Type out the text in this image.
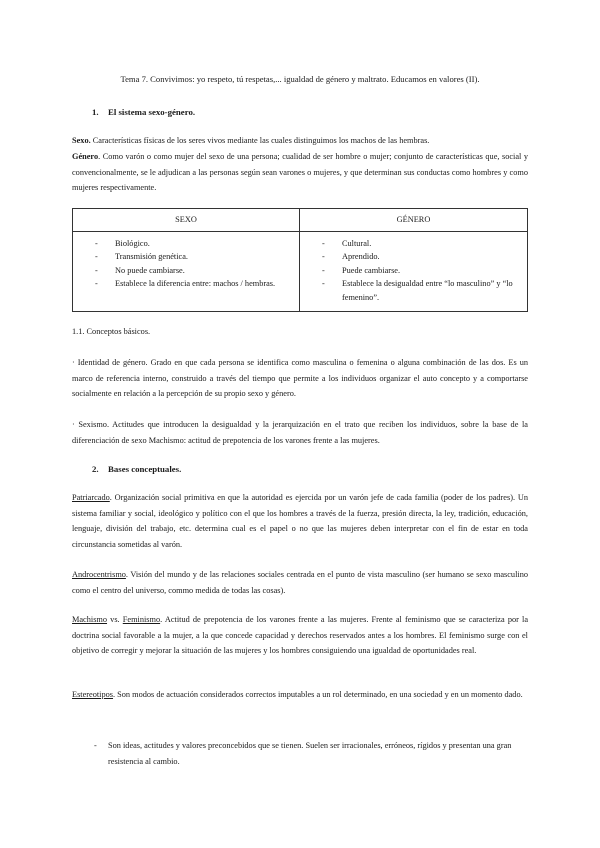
Tema 7. Convivimos: yo respeto, tú respetas,... igualdad de género y maltrato. Educamos en valores (II).
1. El sistema sexo-género.
Sexo. Características físicas de los seres vivos mediante las cuales distinguimos los machos de las hembras.
Género. Como varón o como mujer del sexo de una persona; cualidad de ser hombre o mujer; conjunto de características que, social y convencionalmente, se le adjudican a las personas según sean varones o mujeres, y que determinan sus conductas como hombres y como mujeres respectivamente.
SEXO
- Biológico.
- Transmisión genética.
- No puede cambiarse.
- Establece la diferencia entre: machos / hembras.
GÉNERO
- Cultural.
- Aprendido.
- Puede cambiarse.
- Establece la desigualdad entre “lo masculino” y “lo femenino”.
1.1. Conceptos básicos.
· Identidad de género. Grado en que cada persona se identifica como masculina o femenina o alguna combinación de las dos. Es un marco de referencia interno, construido a través del tiempo que permite a los individuos organizar el auto concepto y a comportarse socialmente en relación a la percepción de su propio sexo y género.
· Sexismo. Actitudes que introducen la desigualdad y la jerarquización en el trato que reciben los individuos, sobre la base de la diferenciación de sexo Machismo: actitud de prepotencia de los varones frente a las mujeres.
2. Bases conceptuales.
Patriarcado. Organización social primitiva en que la autoridad es ejercida por un varón jefe de cada familia (poder de los padres). Un sistema familiar y social, ideológico y político con el que los hombres a través de la fuerza, presión directa, la ley, tradición, educación, lenguaje, división del trabajo, etc. determina cual es el papel o no que las mujeres deben interpretar con el fin de estar en toda circunstancia sometidas al varón.
Androcentrismo. Visión del mundo y de las relaciones sociales centrada en el punto de vista masculino (ser humano se sexo masculino como el centro del universo, commo medida de todas las cosas).
Machismo vs. Feminismo. Actitud de prepotencia de los varones frente a las mujeres. Frente al feminismo que se caracteriza por la doctrina social favorable a la mujer, a la que concede capacidad y derechos reservados antes a los hombres. El feminismo surge con el objetivo de corregir y mejorar la situación de las mujeres y los hombres consiguiendo una igualdad de oportunidades real.
Estereotipos. Son modos de actuación considerados correctos imputables a un rol determinado, en una sociedad y en un momento dado.
-	Son ideas, actitudes y valores preconcebidos que se tienen. Suelen ser irracionales, erróneos, rígidos y presentan una gran resistencia al cambio.
